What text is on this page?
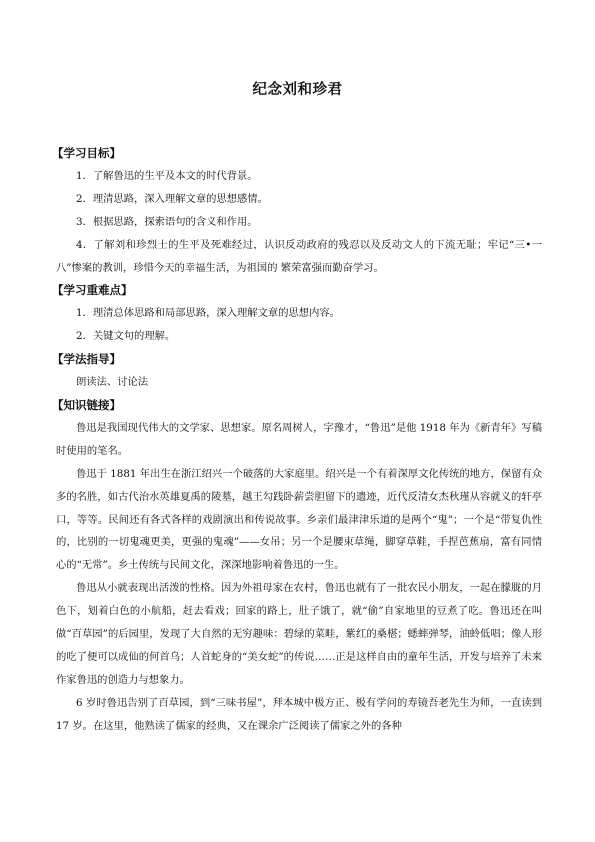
纪念刘和珍君
【学习目标】
1．了解鲁迅的生平及本文的时代背景。
2．理清思路，深入理解文章的思想感情。
3．根据思路，探索语句的含义和作用。
4．了解刘和珍烈士的生平及死难经过，认识反动政府的残忍以及反动文人的下流无耻；牢记“三•一 八”惨案的教训，珍惜今天的幸福生活，为祖国的 繁荣富强而勤奋学习。
【学习重难点】
1．理清总体思路和局部思路，深入理解文章的思想内容。
2．关键文句的理解。
【学法指导】
朗读法、讨论法
【知识链接】
鲁迅是我国现代伟大的文学家、思想家。原名周树人，字豫才，“鲁迅”是他 1918 年为《新青年》写稿时使用的笔名。
鲁迅于 1881 年出生在浙江绍兴一个破落的大家庭里。绍兴是一个有着深厚文化传统的地方，保留有众多的名胜，如古代治水英雄夏禹的陵墓，越王勾践卧薪尝胆留下的遗迹，近代反清女杰秋瑾从容就义的轩亭口，等等。民间还有各式各样的戏剧演出和传说故事。乡亲们最津津乐道的是两个“鬼”；一个是“带复仇性的，比别的一切鬼魂更美，更强的鬼魂”——女吊；另一个是腰束草绳，脚穿草鞋，手捏芭蕉扇，富有同情心的“无常”。乡土传统与民间文化，深深地影响着鲁迅的一生。
鲁迅从小就表现出活泼的性格。因为外祖母家在农村，鲁迅也就有了一批农民小朋友，一起在朦胧的月色下，划着白色的小航船，赶去看戏；回家的路上，肚子饿了，就“偷”自家地里的豆煮了吃。鲁迅还在叫做“百草园”的后园里，发现了大自然的无穷趣味：碧绿的菜畦，紫红的桑椹；蟋蟀弹琴，油蛉低唱；像人形的吃了便可以成仙的何首乌；人首蛇身的“美女蛇”的传说……正是这样自由的童年生活，开发与培养了未来作家鲁迅的创造力与想象力。
6 岁时鲁迅告别了百草园，到“三味书屋”，拜本城中极方正、极有学问的寿镜吾老先生为师，一直读到 17 岁。在这里，他熟读了儒家的经典，又在课余广泛阅读了儒家之外的各种
